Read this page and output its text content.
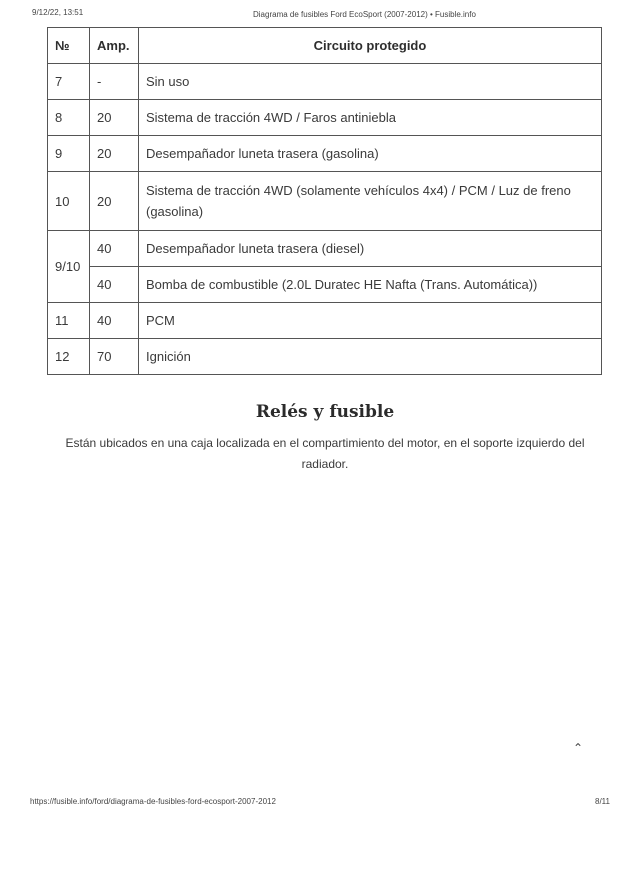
9/12/22, 13:51	Diagrama de fusibles Ford EcoSport (2007-2012) • Fusible.info
№	Amp.	Circuito protegido
7	-	Sin uso
8	20	Sistema de tracción 4WD / Faros antiniebla
9	20	Desempañador luneta trasera (gasolina)
10	20	Sistema de tracción 4WD (solamente vehículos 4x4) / PCM / Luz de freno (gasolina)
9/10	40	Desempañador luneta trasera (diesel)
	40	Bomba de combustible (2.0L Duratec HE Nafta (Trans. Automática))
11	40	PCM
12	70	Ignición
Relés y fusible
Están ubicados en una caja localizada en el compartimiento del motor, en el soporte izquierdo del radiador.
⌃
https://fusible.info/ford/diagrama-de-fusibles-ford-ecosport-2007-2012	8/11
